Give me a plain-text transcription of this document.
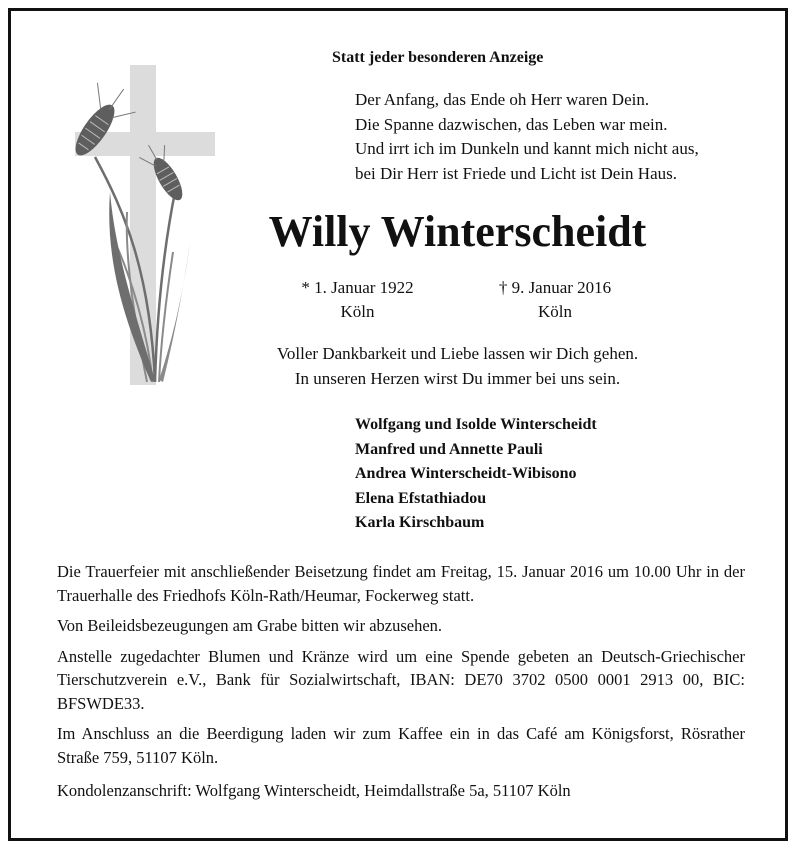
Statt jeder besonderen Anzeige
Der Anfang, das Ende oh Herr waren Dein.
Die Spanne dazwischen, das Leben war mein.
Und irrt ich im Dunkeln und kannt mich nicht aus,
bei Dir Herr ist Friede und Licht ist Dein Haus.
Willy Winterscheidt
* 1. Januar 1922
Köln
† 9. Januar 2016
Köln
Voller Dankbarkeit und Liebe lassen wir Dich gehen.
In unseren Herzen wirst Du immer bei uns sein.
Wolfgang und Isolde Winterscheidt
Manfred und Annette Pauli
Andrea Winterscheidt-Wibisono
Elena Efstathiadou
Karla Kirschbaum

Die Trauerfeier mit anschließender Beisetzung findet am Freitag, 15. Januar 2016 um 10.00 Uhr in der Trauerhalle des Friedhofs Köln-Rath/Heumar, Fockerweg statt.

Von Beileidsbezeugungen am Grabe bitten wir abzusehen.

Anstelle zugedachter Blumen und Kränze wird um eine Spende gebeten an Deutsch-Griechischer Tierschutzverein e.V., Bank für Sozialwirtschaft, IBAN: DE70 3702 0500 0001 2913 00, BIC: BFSWDE33.

Im Anschluss an die Beerdigung laden wir zum Kaffee ein in das Café am Königsforst, Rösrather Straße 759, 51107 Köln.

Kondolenzanschrift: Wolfgang Winterscheidt, Heimdallstraße 5a, 51107 Köln
